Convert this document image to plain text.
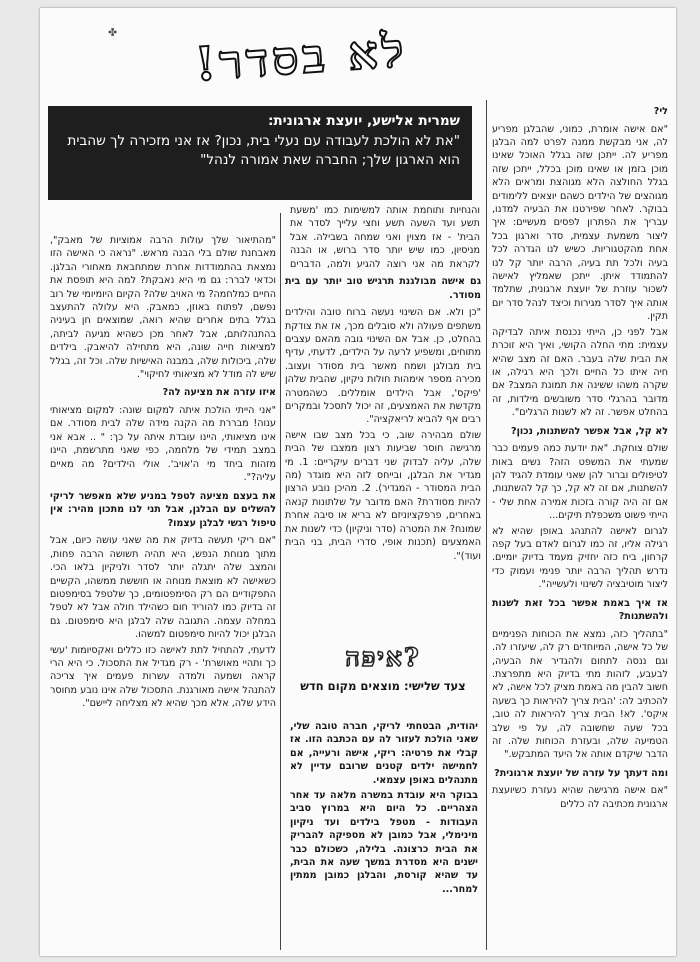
✤	לא בסדר!
שמרית אלישע, יועצת ארגונית:
"את לא הולכת לעבודה עם נעלי בית, נכון? אז אני מזכירה לך שהבית הוא הארגון שלך; החברה שאת אמורה לנהל"

לי?

"אם אישה אומרת, כמוני, שהבלגן מפריע לה, אני מבקשת ממנה לפרט למה הבלגן מפריע לה. ייתכן שזה בגלל האוכל שאינו מוכן בזמן או שאינו מוכן בכלל, ייתכן שזה בגלל החולצה הלא מגוהצת ומראים הלא מגוהצים של הילדים כשהם יוצאים ללימודים בבוקר. לאחר שפירטנו את הבעיה למדנו, עבריך את הפתרון לפסים מעשיים: איך ליצור משמעת עצמית, סדר וארגון בכל אחת מהקטגוריות. כשיש לנו הגדרה לכל בעיה ולכל תת בעיה, הרבה יותר קל לנו להתמודד איתן. ייתכן שאמליץ לאישה לשכור עוזרת של יועצת ארגונית, שתלמד אותה איך לסדר מגירות וכיצד לנהל סדר יום תקין.

אבל לפני כן, הייתי נכנסת איתה לבדיקה עצמית: מתי החלה הקושי, ואיך היא זוכרת את הבית שלה בעבר. האם זה מצב שהיא חיה איתו כל החיים ולכך היא רגילה, או שקרה משהו ששינה את תמונת המצב? אם מדובר בהרגלי סדר משובשים מילדות, זה בהחלט אפשר. זה לא לשנות הרגלים".

לא קל, אבל אפשר להשתנות, נכון?

שולם צוחקת. "את יודעת כמה פעמים כבר שמעתי את המשפט הזה? נשים באות לטיפולים וברור להן שאני עומדת להגיד להן להשתנות, אם זה לא קל, כך קל להשתנות, אם זה היה קורה בזכות אמירה אחת שלי - הייתי פשוט משכפלת תיקים...

לגרום לאישה להתנהג באופן שהיא לא רגילה אליו, זה כמו לגרום לאדם בעל קפה קרחון, ביח כזה יחזיק מעמד בדיוק יומיים. נדרש תהליך הרבה יותר פנימי ועמוק כדי ליצור מוטיבציה לשינוי ולעשייה".

אז איך באמת אפשר בכל זאת לשנות ולהשתנות?

"בתהליך כזה, נמצא את הכוחות הפנימיים של כל אישה, המיוחדים רק לה, שיעזרו לה. וגם ננסה לתחום ולהגדיר את הבעיה, לבעבע, לזהות מתי בדיוק היא מתפרצת. חשוב להבין מה באמת מציק לכל אישה, לא להכתיב לה: 'הבית צריך להיראות כך בשעה איקס'. לא! הבית צריך להיראות לה טוב, בכל שעה שחשובה לה, על פי שלב הטמיעה שלה, ובעזרת הכוחות שלה. זה הדבר שיקדם אותה אל היעד המתבקש."

ומה דעתך על עזרה של יועצת ארגונית?

"אם אישה מרגישה שהיא נעזרת כשיועצת ארגונית מכתיבה לה כללים

והנחיות ותוחמת אותה למשימות כמו 'משעת תשע ועד השעה תשע וחצי עלייך לסדר את הבית' - אז מצוין ואני שמחה בשבילה. אבל מניסיון, כמו שיש יותר סדר ברוש, או הבנה לקראת מה אני רוצה להגיע ולמה, הדברים

גם אישה מבולגנת תרגיש טוב יותר עם בית מסודר.

"כן ולא. אם השינוי נעשה ברוח טובה והילדים משתפים פעולה ולא סובלים מכך, אז את צודקת בהחלט, כן. אבל אם השינוי גובה מהאם עצבים מתוחים, ומשפיע לרעה על הילדים, לדעתי, עדיף בית מבולגן ושמח מאשר בית מסודר ועצוב. מכירה מספר אימהות חולות ניקיון, שהבית שלהן 'פיקס', אבל הילדים אומללים. כשהמטרה מקדשת את האמצעים, זה יכול לתסכל ובמקרים רבים אף להביא לריאקציה".

שולם מבהירה שוב, כי בכל מצב שבו אישה מרגישה חוסר שביעות רצון ממצבו של הבית שלה, עליה לבדוק שני דברים עיקריים: 1. מי מגדיר את הבלגן, ובייחס לזה היא מוגדר (מה הבית המסודר - המגדיר). 2. מהיכן נובע הרצון להיות מסודרת? האם מדובר על שלתונות קנאה באחרים, פרפקציוניזם לא בריא או סיבה אחרת שמונח? את המטרה (סדר וניקיון) כדי לשנות את האמצעים (תכנות אופי, סדרי הבית, בני הבית ועוד)".

"מהתיאור שלך עולות הרבה אמוציות של מאבק", מאבחנת שולם בלי הבנה מראש. "נראה כי האישה הזו נמצאת בהתמודדות אחרת שמתחבאת מאחורי הבלגן. וכדאי לברר: גם מי היא נאבקת? למה היא תופסת את החיים כמלחמה? מי האויב שלה? הקיום היומיומי של רוב נפשם, לפתוח באוזן, כמאבק. היא עלולה להתעצב בגלל בתים אחרים שהיא רואה, שמוצאים חן בעיניה בהתנהלותם, אבל לאחר מכן כשהיא מגיעה לביתה, למציאות חייה שונה, היא מתחילה להיאבק. בילדים שלה, ביכולות שלה, במבנה האישיות שלה. וכל זה, בגלל שיש לה מודל לא מציאותי לחיקוי".

איזו עזרה את מציעה לה?

"אני הייתי הולכת איתה למקום שונה: למקום מציאותי ענוה! מבררת מה הקנה מידה שלה לבית מסודר. אם אינו מציאותי, היינו עובדת איתה על כך: " .. אבא אני במצב תמידי של מלחמה, כפי שאני מתרשמת, היינו מזהות ביחד מי ה'אויב'. אולי הילדים? מה מאיים עליה?".

את בעצם מציעה לטפל במניע שלא מאפשר לריקי להשלים עם הבלגן, אבל תני לנו מתכון מהיר: אין טיפול רגשי לבלגן עצמו?

"אם ריקי תעשה בדיוק את מה שאני עושה כיום, אבל מתוך מנוחת הנפש, היא תהיה תשושה הרבה פחות, והמצב שלה יתגלה יותר לסדר ולניקיון בלאו הכי. כשאישה לא מוצאת מנוחה או חוששת ממשהו, הקשיים התפקודיים הם רק הסימפטומים, כך שלטפל בסימפטום זה בדיוק כמו להוריד חום כשהילד חולה אבל לא לטפל במחלה עצמה. התגובה שלה לבלגן היא סימפטום. גם הבלגן יכול להיות סימפטום למשהו.

לדעתי, להתחיל לתת לאישה כזו כללים ואקסיומות 'עשי כך ותהיי מאושרת' - רק מגדיל את התסכול. כי היא הרי קראה ושמעה ולמדה עשרות פעמים איך צריכה להתנהל אישה מאורגנת. התסכול שלה אינו נובע מחוסר הידע שלה, אלא מכך שהיא לא מצליחה ליישם".

איפה?
צעד שלישי: מוצאים מקום חדש

יהודית, הבטחתי לריקי, חברה טובה שלי, שאני הולכת לעזור לה עם הכתבה הזו. אז קבלי את פרטיה: ריקי, אישה ורעייה, אם לחמישה ילדים קטנים שרובם עדיין לא מתנהלים באופן עצמאי.

בבוקר היא עובדת במשרה מלאה עד אחר הצהריים. כל היום היא במרוץ סביב העבודות - מטפל בילדים ועד ניקיון מינימלי, אבל כמובן לא מספיקה להבריק את הבית כרצונה. בלילה, כשכולם כבר ישנים היא מסדרת במשך שעה את הבית, עד שהיא קורסת, והבלגן כמובן ממתין למחר...
